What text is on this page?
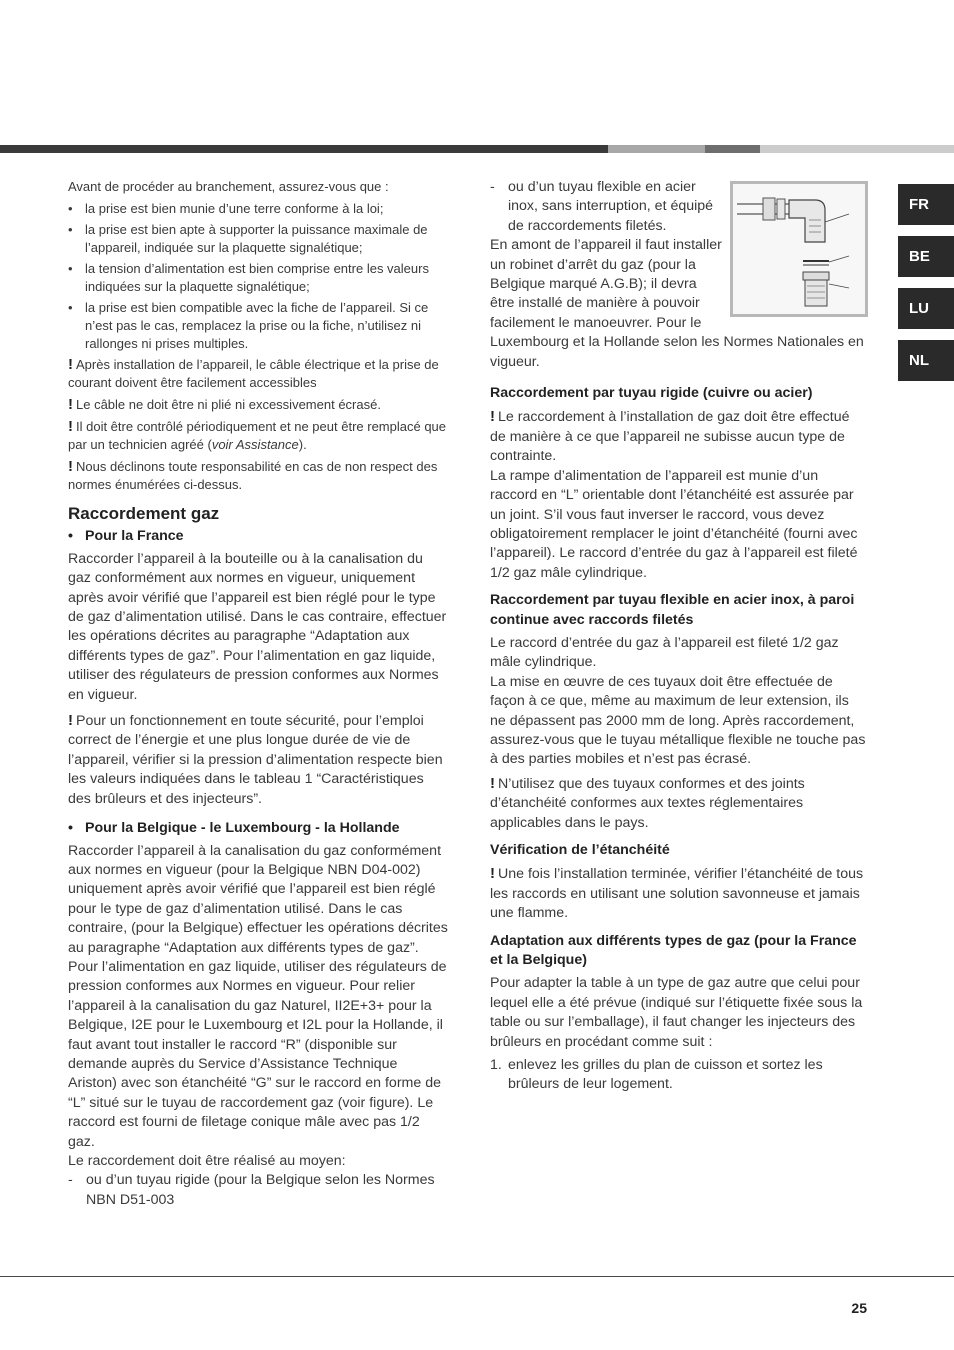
Avant de procéder au branchement, assurez-vous que :

• la prise est bien munie d’une terre conforme à la loi;
• la prise est bien apte à supporter la puissance maximale de l’appareil, indiquée sur la plaquette signalétique;
• la tension d’alimentation est bien comprise entre les valeurs indiquées sur la plaquette signalétique;
• la prise est bien compatible avec la fiche de l’appareil. Si ce n’est pas le cas, remplacez la prise ou la fiche, n’utilisez ni rallonges ni prises multiples.

! Après installation de l’appareil, le câble électrique et la prise de courant doivent être facilement accessibles

! Le câble ne doit être ni plié ni excessivement écrasé.

! Il doit être contrôlé périodiquement et ne peut être remplacé que par un technicien agréé (voir Assistance).

! Nous déclinons toute responsabilité en cas de non respect des normes énumérées ci-dessus.

Raccordement gaz
• Pour la France

Raccorder l’appareil à la bouteille ou à la canalisation du gaz conformément aux normes en vigueur, uniquement après avoir vérifié que l’appareil est bien réglé pour le type de gaz d’alimentation utilisé. Dans le cas contraire, effectuer les opérations décrites au paragraphe “Adaptation aux différents types de gaz”. Pour l’alimentation en gaz liquide, utiliser des régulateurs de pression conformes aux Normes en vigueur.

! Pour un fonctionnement en toute sécurité, pour l’emploi correct de l’énergie et une plus longue durée de vie de l’appareil, vérifier si la pression d’alimentation respecte bien les valeurs indiquées dans le tableau 1 “Caractéristiques des brûleurs et des injecteurs”.

• Pour la Belgique - le Luxembourg - la Hollande

Raccorder l’appareil à la canalisation du gaz conformément aux normes en vigueur (pour la Belgique NBN D04-002) uniquement après avoir vérifié que l’appareil est bien réglé pour le type de gaz d’alimentation utilisé. Dans le cas contraire, (pour la Belgique) effectuer les opérations décrites au paragraphe “Adaptation aux différents types de gaz”. Pour l’alimentation en gaz liquide, utiliser des régulateurs de pression conformes aux Normes en vigueur. Pour relier l’appareil à la canalisation du gaz Naturel, II2E+3+ pour la Belgique, I2E pour le Luxembourg et I2L pour la Hollande, il faut avant tout installer le raccord “R” (disponible sur demande auprès du Service d’Assistance Technique Ariston) avec son étanchéité “G” sur le raccord en forme de “L” situé sur le tuyau de raccordement gaz (voir figure). Le raccord est fourni de filetage conique mâle avec pas 1/2 gaz.

Le raccordement doit être réalisé au moyen:

- ou d’un tuyau rigide (pour la Belgique selon les Normes NBN D51-003
- ou d’un tuyau flexible en acier inox, sans interruption, et équipé de raccordements filetés.

En amont de l’appareil il faut installer un robinet d’arrêt du gaz (pour la Belgique marqué A.G.B); il devra être installé de manière à pouvoir facilement le manoeuvrer. Pour le Luxembourg et la Hollande selon les Normes Nationales en vigueur.

Raccordement par tuyau rigide (cuivre ou acier)

! Le raccordement à l’installation de gaz doit être effectué de manière à ce que l’appareil ne subisse aucun type de contrainte.

La rampe d’alimentation de l’appareil est munie d’un raccord en “L” orientable dont l’étanchéité est assurée par un joint. S’il vous faut inverser le raccord, vous devez obligatoirement remplacer le joint d’étanchéité (fourni avec l’appareil). Le raccord d’entrée du gaz à l’appareil est fileté 1/2 gaz mâle cylindrique.

Raccordement par tuyau flexible en acier inox, à paroi continue avec raccords filetés

Le raccord d’entrée du gaz à l’appareil est fileté 1/2 gaz mâle cylindrique.

La mise en œuvre de ces tuyaux doit être effectuée de façon à ce que, même au maximum de leur extension, ils ne dépassent pas 2000 mm de long. Après raccordement, assurez-vous que le tuyau métallique flexible ne touche pas à des parties mobiles et n’est pas écrasé.

! N’utilisez que des tuyaux conformes et des joints d’étanchéité conformes aux textes réglementaires applicables dans le pays.

Vérification de l’étanchéité

! Une fois l’installation terminée, vérifier l’étanchéité de tous les raccords en utilisant une solution savonneuse et jamais une flamme.

Adaptation aux différents types de gaz (pour la France et la Belgique)

Pour adapter la table à un type de gaz autre que celui pour lequel elle a été prévue (indiqué sur l’étiquette fixée sous la table ou sur l’emballage), il faut changer les injecteurs des brûleurs en procédant comme suit :

1. enlevez les grilles du plan de cuisson et sortez les brûleurs de leur logement.
FR
BE
LU
NL
25
